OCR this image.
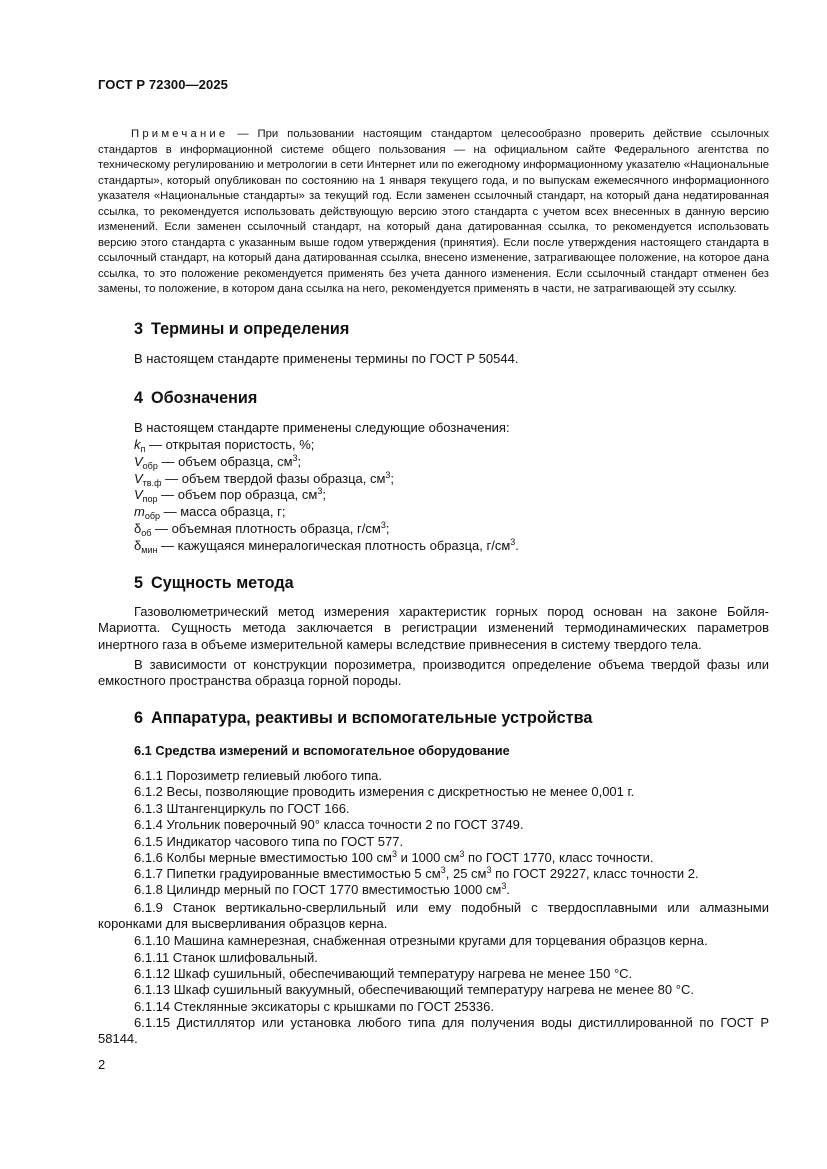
ГОСТ Р 72300—2025
Примечание — При пользовании настоящим стандартом целесообразно проверить действие ссылочных стандартов в информационной системе общего пользования — на официальном сайте Федерального агентства по техническому регулированию и метрологии в сети Интернет или по ежегодному информационному указателю «Национальные стандарты», который опубликован по состоянию на 1 января текущего года, и по выпускам ежемесячного информационного указателя «Национальные стандарты» за текущий год. Если заменен ссылочный стандарт, на который дана недатированная ссылка, то рекомендуется использовать действующую версию этого стандарта с учетом всех внесенных в данную версию изменений. Если заменен ссылочный стандарт, на который дана датированная ссылка, то рекомендуется использовать версию этого стандарта с указанным выше годом утверждения (принятия). Если после утверждения настоящего стандарта в ссылочный стандарт, на который дана датированная ссылка, внесено изменение, затрагивающее положение, на которое дана ссылка, то это положение рекомендуется применять без учета данного изменения. Если ссылочный стандарт отменен без замены, то положение, в котором дана ссылка на него, рекомендуется применять в части, не затрагивающей эту ссылку.
3 Термины и определения
В настоящем стандарте применены термины по ГОСТ Р 50544.
4 Обозначения
В настоящем стандарте применены следующие обозначения:
$k_п$ — открытая пористость, %;
$V_{обр}$ — объем образца, $см^3$;
$V_{тв.ф}$ — объем твердой фазы образца, $см^3$;
$V_{пор}$ — объем пор образца, $см^3$;
$m_{обр}$ — масса образца, г;
$\delta_{об}$ — объемная плотность образца, $г/см^3$;
$\delta_{мин}$ — кажущаяся минералогическая плотность образца, $г/см^3$.
5 Сущность метода
Газоволюметрический метод измерения характеристик горных пород основан на законе Бойля-Мариотта. Сущность метода заключается в регистрации изменений термодинамических параметров инертного газа в объеме измерительной камеры вследствие привнесения в систему твердого тела.
В зависимости от конструкции порозиметра, производится определение объема твердой фазы или емкостного пространства образца горной породы.
6 Аппаратура, реактивы и вспомогательные устройства
6.1 Средства измерений и вспомогательное оборудование
6.1.1 Порозиметр гелиевый любого типа.
6.1.2 Весы, позволяющие проводить измерения с дискретностью не менее 0,001 г.
6.1.3 Штангенциркуль по ГОСТ 166.
6.1.4 Угольник поверочный 90° класса точности 2 по ГОСТ 3749.
6.1.5 Индикатор часового типа по ГОСТ 577.
6.1.6 Колбы мерные вместимостью 100 $см^3$ и 1000 $см^3$ по ГОСТ 1770, класс точности.
6.1.7 Пипетки градуированные вместимостью 5 $см^3$, 25 $см^3$ по ГОСТ 29227, класс точности 2.
6.1.8 Цилиндр мерный по ГОСТ 1770 вместимостью 1000 $см^3$.
6.1.9 Станок вертикально-сверлильный или ему подобный с твердосплавными или алмазными коронками для высверливания образцов керна.
6.1.10 Машина камнерезная, снабженная отрезными кругами для торцевания образцов керна.
6.1.11 Станок шлифовальный.
6.1.12 Шкаф сушильный, обеспечивающий температуру нагрева не менее 150 °С.
6.1.13 Шкаф сушильный вакуумный, обеспечивающий температуру нагрева не менее 80 °С.
6.1.14 Стеклянные эксикаторы с крышками по ГОСТ 25336.
6.1.15 Дистиллятор или установка любого типа для получения воды дистиллированной по ГОСТ Р 58144.
2
